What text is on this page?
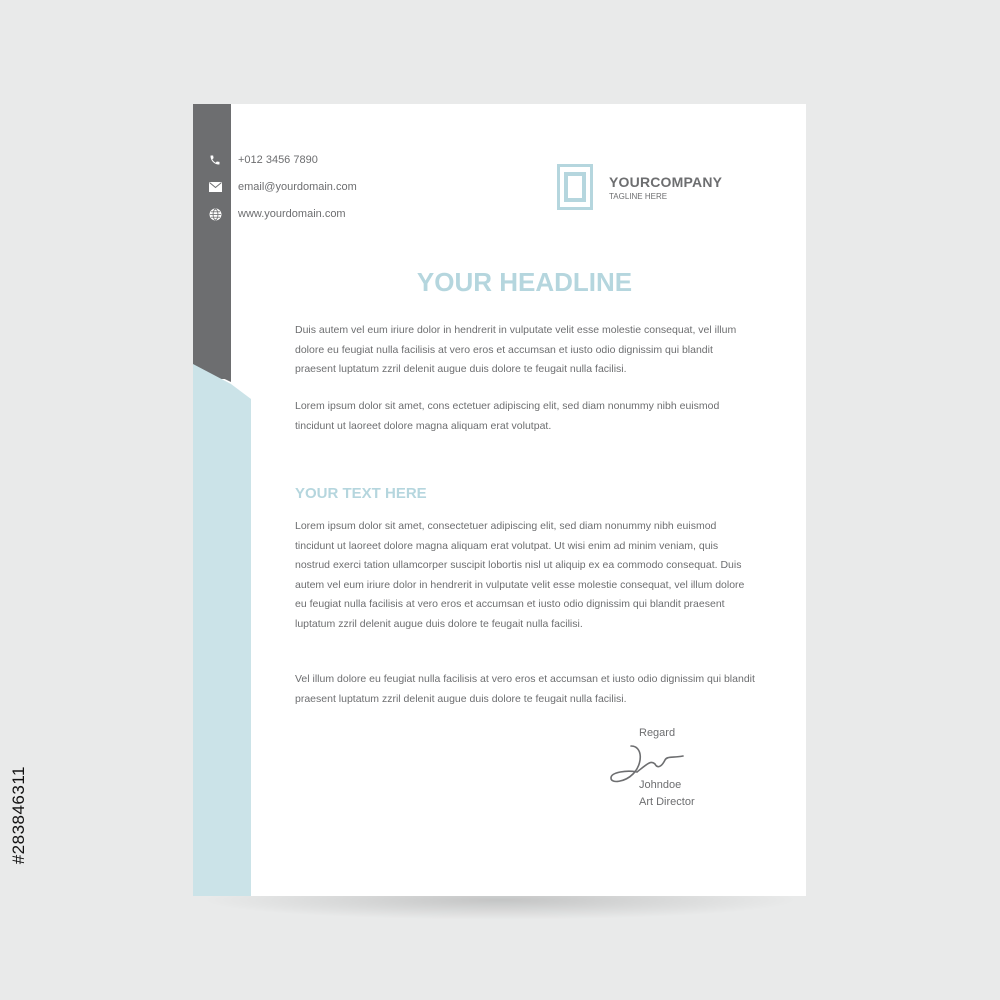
+012 3456 7890
email@yourdomain.com
www.yourdomain.com
YOURCOMPANY
TAGLINE HERE
YOUR HEADLINE

Duis autem vel eum iriure dolor in hendrerit in vulputate velit esse molestie consequat, vel illum dolore eu feugiat nulla facilisis at vero eros et accumsan et iusto odio dignissim qui blandit praesent luptatum zzril delenit augue duis dolore te feugait nulla facilisi.

Lorem ipsum dolor sit amet, cons ectetuer adipiscing elit, sed diam nonummy nibh euismod tincidunt ut laoreet dolore magna aliquam erat volutpat.

YOUR TEXT HERE

Lorem ipsum dolor sit amet, consectetuer adipiscing elit, sed diam nonummy nibh euismod tincidunt ut laoreet dolore magna aliquam erat volutpat. Ut wisi enim ad minim veniam, quis nostrud exerci tation ullamcorper suscipit lobortis nisl ut aliquip ex ea commodo consequat. Duis autem vel eum iriure dolor in hendrerit in vulputate velit esse molestie consequat, vel illum dolore eu feugiat nulla facilisis at vero eros et accumsan et iusto odio dignissim qui blandit praesent luptatum zzril delenit augue duis dolore te feugait nulla facilisi.

Vel illum dolore eu feugiat nulla facilisis at vero eros et accumsan et iusto odio dignissim qui blandit praesent luptatum zzril delenit augue duis dolore te feugait nulla facilisi.

Regard
Johndoe
Art Director
#283846311
